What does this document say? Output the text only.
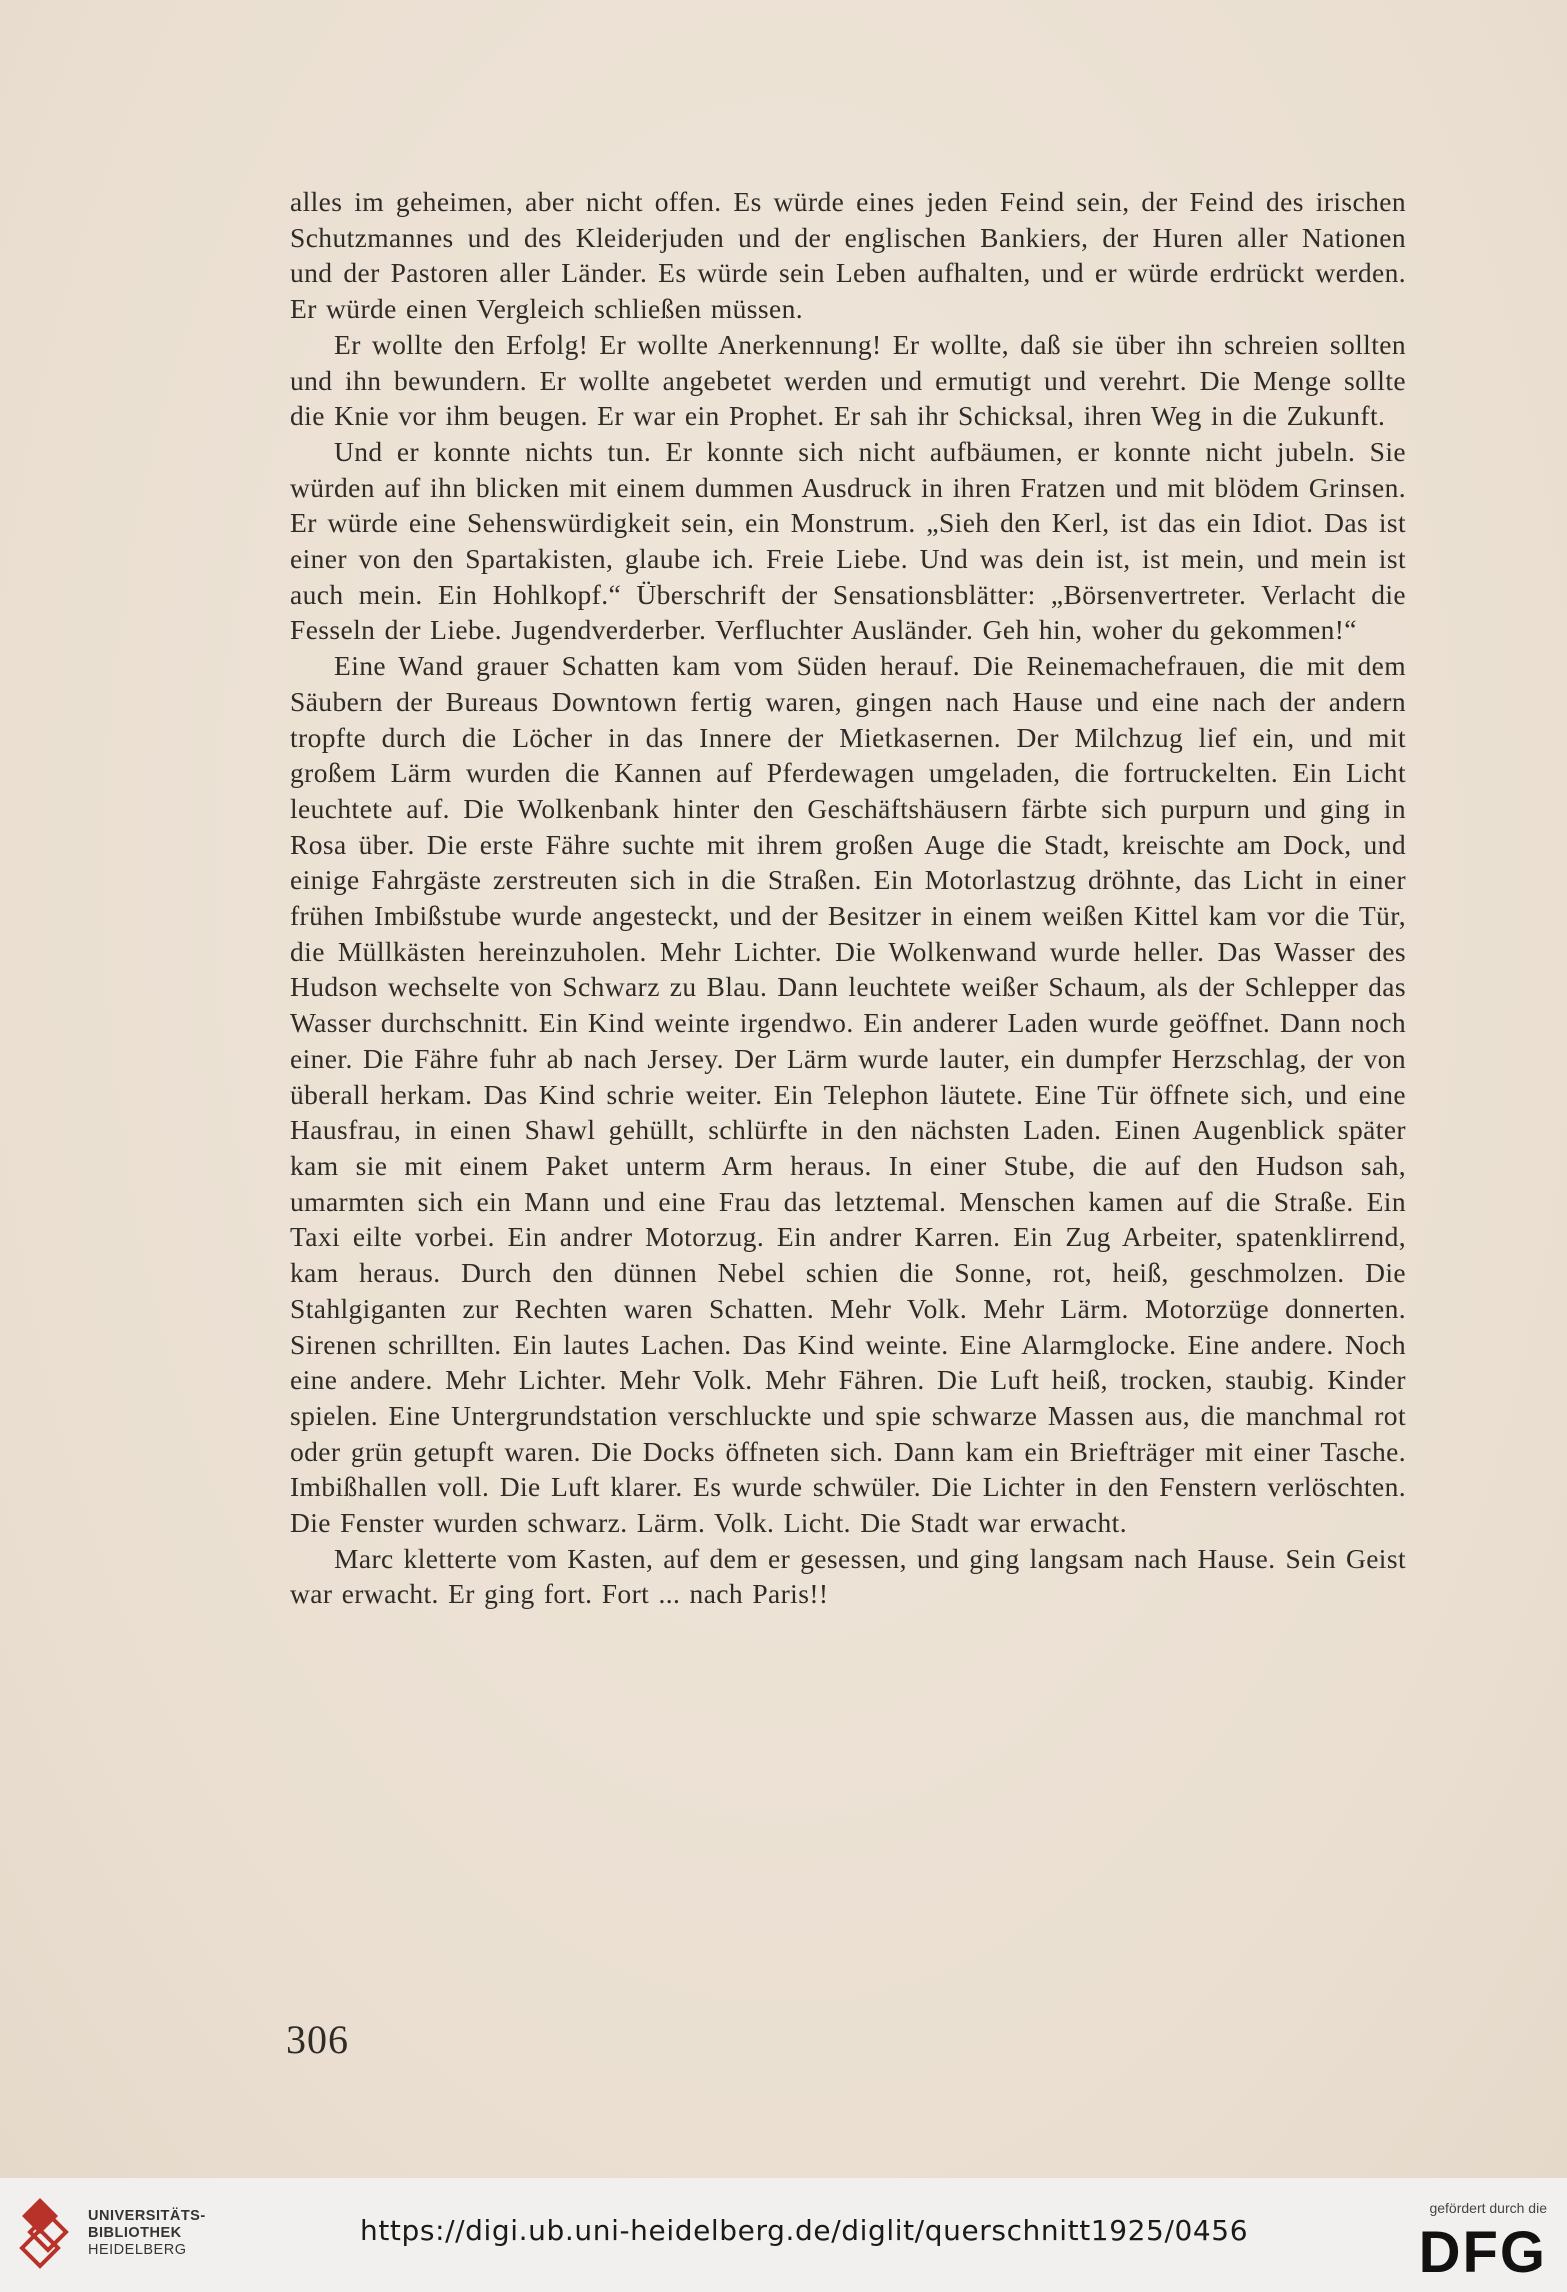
alles im geheimen, aber nicht offen. Es würde eines jeden Feind sein, der Feind des irischen Schutzmannes und des Kleiderjuden und der englischen Bankiers, der Huren aller Nationen und der Pastoren aller Länder. Es würde sein Leben aufhalten, und er würde erdrückt werden. Er würde einen Vergleich schließen müssen.

Er wollte den Erfolg! Er wollte Anerkennung! Er wollte, daß sie über ihn schreien sollten und ihn bewundern. Er wollte angebetet werden und ermutigt und verehrt. Die Menge sollte die Knie vor ihm beugen. Er war ein Prophet. Er sah ihr Schicksal, ihren Weg in die Zukunft.

Und er konnte nichts tun. Er konnte sich nicht aufbäumen, er konnte nicht jubeln. Sie würden auf ihn blicken mit einem dummen Ausdruck in ihren Fratzen und mit blödem Grinsen. Er würde eine Sehenswürdigkeit sein, ein Monstrum. „Sieh den Kerl, ist das ein Idiot. Das ist einer von den Spartakisten, glaube ich. Freie Liebe. Und was dein ist, ist mein, und mein ist auch mein. Ein Hohlkopf.“ Überschrift der Sensationsblätter: „Börsenvertreter. Verlacht die Fesseln der Liebe. Jugendverderber. Verfluchter Ausländer. Geh hin, woher du gekommen!“

Eine Wand grauer Schatten kam vom Süden herauf. Die Reinemachefrauen, die mit dem Säubern der Bureaus Downtown fertig waren, gingen nach Hause und eine nach der andern tropfte durch die Löcher in das Innere der Mietkasernen. Der Milchzug lief ein, und mit großem Lärm wurden die Kannen auf Pferdewagen umgeladen, die fortruckelten. Ein Licht leuchtete auf. Die Wolkenbank hinter den Geschäftshäusern färbte sich purpurn und ging in Rosa über. Die erste Fähre suchte mit ihrem großen Auge die Stadt, kreischte am Dock, und einige Fahrgäste zerstreuten sich in die Straßen. Ein Motorlastzug dröhnte, das Licht in einer frühen Imbißstube wurde angesteckt, und der Besitzer in einem weißen Kittel kam vor die Tür, die Müllkästen hereinzuholen. Mehr Lichter. Die Wolkenwand wurde heller. Das Wasser des Hudson wechselte von Schwarz zu Blau. Dann leuchtete weißer Schaum, als der Schlepper das Wasser durchschnitt. Ein Kind weinte irgendwo. Ein anderer Laden wurde geöffnet. Dann noch einer. Die Fähre fuhr ab nach Jersey. Der Lärm wurde lauter, ein dumpfer Herzschlag, der von überall herkam. Das Kind schrie weiter. Ein Telephon läutete. Eine Tür öffnete sich, und eine Hausfrau, in einen Shawl gehüllt, schlürfte in den nächsten Laden. Einen Augenblick später kam sie mit einem Paket unterm Arm heraus. In einer Stube, die auf den Hudson sah, umarmten sich ein Mann und eine Frau das letztemal. Menschen kamen auf die Straße. Ein Taxi eilte vorbei. Ein andrer Motorzug. Ein andrer Karren. Ein Zug Arbeiter, spatenklirrend, kam heraus. Durch den dünnen Nebel schien die Sonne, rot, heiß, geschmolzen. Die Stahlgiganten zur Rechten waren Schatten. Mehr Volk. Mehr Lärm. Motorzüge donnerten. Sirenen schrillten. Ein lautes Lachen. Das Kind weinte. Eine Alarmglocke. Eine andere. Noch eine andere. Mehr Lichter. Mehr Volk. Mehr Fähren. Die Luft heiß, trocken, staubig. Kinder spielen. Eine Untergrundstation verschluckte und spie schwarze Massen aus, die manchmal rot oder grün getupft waren. Die Docks öffneten sich. Dann kam ein Briefträger mit einer Tasche. Imbißhallen voll. Die Luft klarer. Es wurde schwüler. Die Lichter in den Fenstern verlöschten. Die Fenster wurden schwarz. Lärm. Volk. Licht. Die Stadt war erwacht.

Marc kletterte vom Kasten, auf dem er gesessen, und ging langsam nach Hause. Sein Geist war erwacht. Er ging fort. Fort ... nach Paris!!

306
UNIVERSITÄTS-
BIBLIOTHEK
HEIDELBERG
https://digi.ub.uni-heidelberg.de/diglit/querschnitt1925/0456
gefördert durch die
DFG
